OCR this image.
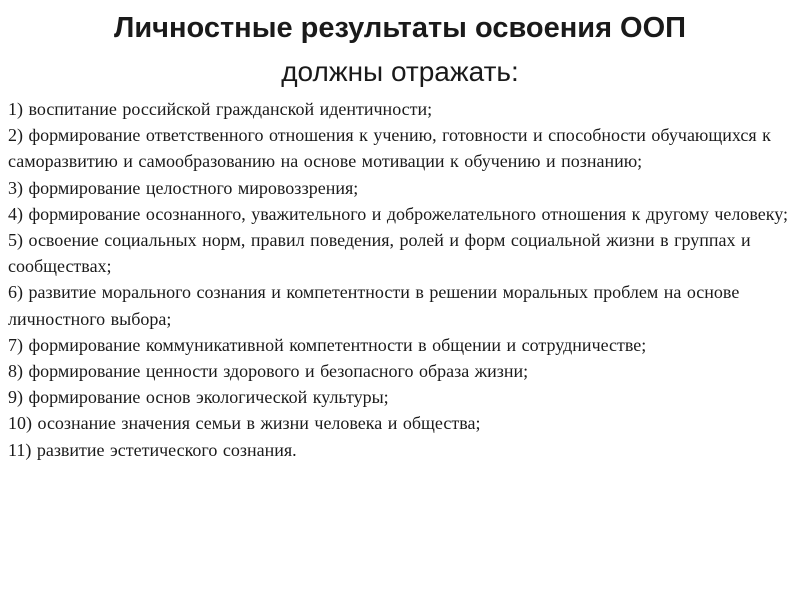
Личностные результаты освоения ООП
должны отражать:
1) воспитание российской гражданской идентичности;
2) формирование ответственного отношения к учению, готовности и способности обучающихся к саморазвитию и самообразованию на основе мотивации к обучению и познанию;
3) формирование целостного мировоззрения;
4) формирование осознанного, уважительного и доброжелательного отношения к другому человеку;
5) освоение социальных норм, правил поведения, ролей и форм социальной жизни в группах и сообществах;
6) развитие морального сознания и компетентности в решении моральных проблем на основе личностного выбора;
7) формирование коммуникативной компетентности в общении и сотрудничестве;
8) формирование ценности здорового и безопасного образа жизни;
9) формирование основ экологической культуры;
10) осознание значения семьи в жизни человека и общества;
11) развитие эстетического сознания.
